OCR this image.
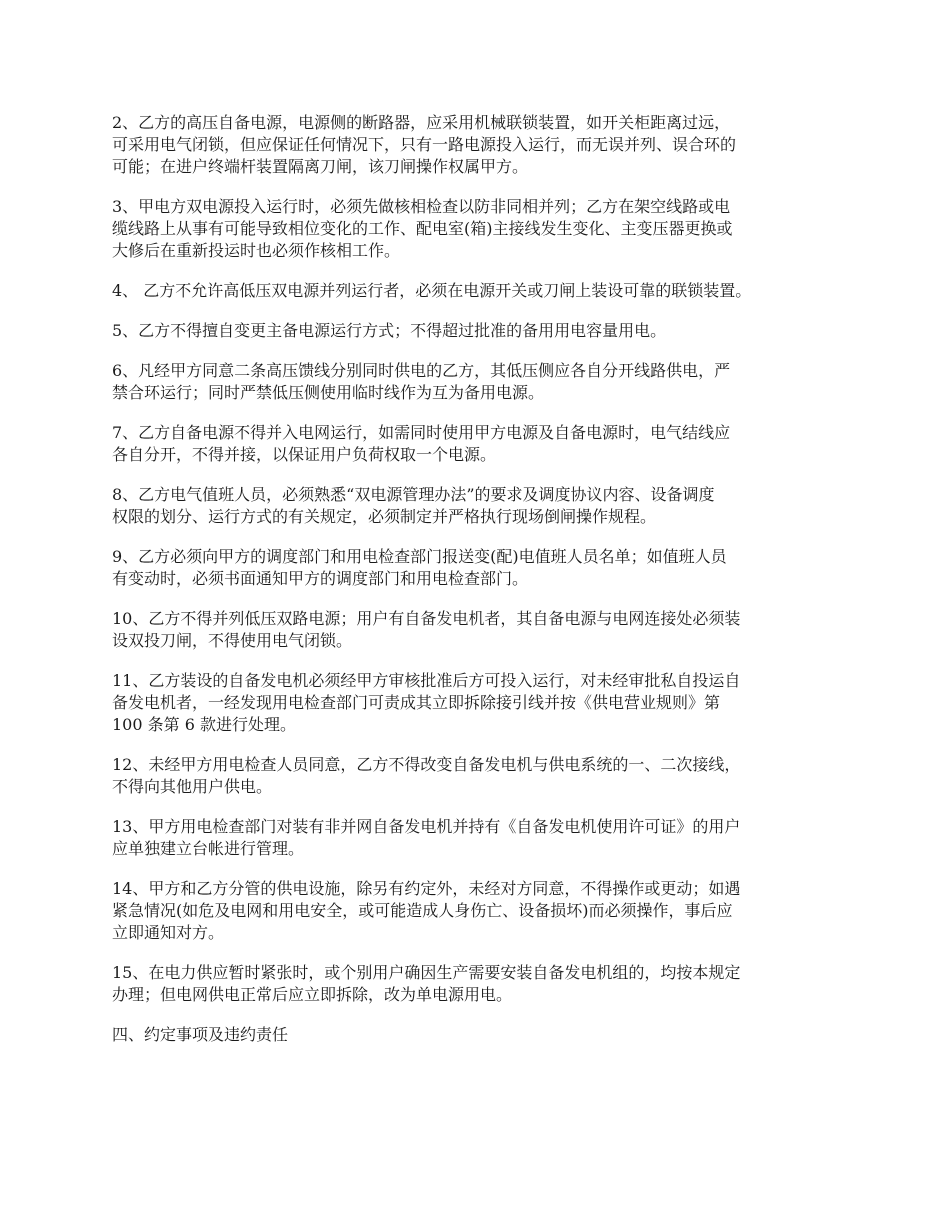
2、乙方的高压自备电源，电源侧的断路器，应采用机械联锁装置，如开关柜距离过远，
可采用电气闭锁，但应保证任何情况下，只有一路电源投入运行，而无误并列、误合环的
可能；在进户终端杆装置隔离刀闸，该刀闸操作权属甲方。

3、甲电方双电源投入运行时，必须先做核相检查以防非同相并列；乙方在架空线路或电
缆线路上从事有可能导致相位变化的工作、配电室(箱)主接线发生变化、主变压器更换或
大修后在重新投运时也必须作核相工作。

4、 乙方不允许高低压双电源并列运行者，必须在电源开关或刀闸上装设可靠的联锁装置。

5、乙方不得擅自变更主备电源运行方式；不得超过批准的备用用电容量用电。

6、凡经甲方同意二条高压馈线分别同时供电的乙方，其低压侧应各自分开线路供电，严
禁合环运行；同时严禁低压侧使用临时线作为互为备用电源。

7、乙方自备电源不得并入电网运行，如需同时使用甲方电源及自备电源时，电气结线应
各自分开，不得并接，以保证用户负荷权取一个电源。

8、乙方电气值班人员，必须熟悉“双电源管理办法”的要求及调度协议内容、设备调度
权限的划分、运行方式的有关规定，必须制定并严格执行现场倒闸操作规程。

9、乙方必须向甲方的调度部门和用电检查部门报送变(配)电值班人员名单；如值班人员
有变动时，必须书面通知甲方的调度部门和用电检查部门。

10、乙方不得并列低压双路电源；用户有自备发电机者，其自备电源与电网连接处必须装
设双投刀闸，不得使用电气闭锁。

11、乙方装设的自备发电机必须经甲方审核批准后方可投入运行，对未经审批私自投运自
备发电机者，一经发现用电检查部门可责成其立即拆除接引线并按《供电营业规则》第
100 条第 6 款进行处理。

12、未经甲方用电检查人员同意，乙方不得改变自备发电机与供电系统的一、二次接线，
不得向其他用户供电。

13、甲方用电检查部门对装有非并网自备发电机并持有《自备发电机使用许可证》的用户
应单独建立台帐进行管理。

14、甲方和乙方分管的供电设施，除另有约定外，未经对方同意，不得操作或更动；如遇
紧急情况(如危及电网和用电安全，或可能造成人身伤亡、设备损坏)而必须操作，事后应
立即通知对方。

15、在电力供应暂时紧张时，或个别用户确因生产需要安装自备发电机组的，均按本规定
办理；但电网供电正常后应立即拆除，改为单电源用电。

四、约定事项及违约责任
